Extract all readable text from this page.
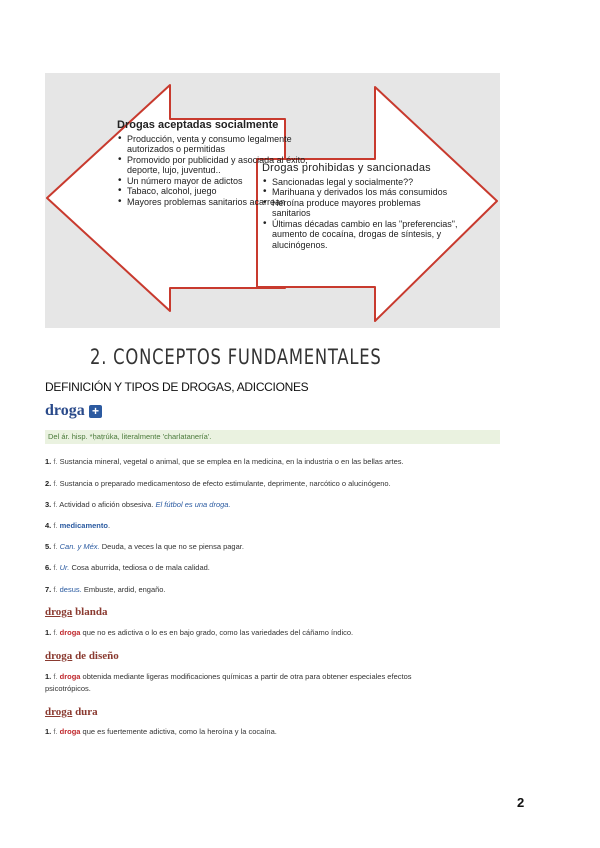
Drogas aceptadas socialmente
• Producción, venta y consumo legalmente autorizados o permitidas
• Promovido por publicidad y asociada al éxito, deporte, lujo, juventud..
• Un número mayor de adictos
• Tabaco, alcohol, juego
• Mayores problemas sanitarios acarrean
Drogas prohibidas y sancionadas
• Sancionadas legal y socialmente??
• Marihuana y derivados los más consumidos
• Heroína produce mayores problemas sanitarios
• Últimas décadas cambio en las "preferencias", aumento de cocaína, drogas de síntesis, y alucinógenos.
2. CONCEPTOS FUNDAMENTALES
DEFINICIÓN Y TIPOS DE DROGAS, ADICCIONES
droga +
Del ár. hisp. *ḥaṭrúka, literalmente 'charlatanería'.
1. f. Sustancia mineral, vegetal o animal, que se emplea en la medicina, en la industria o en las bellas artes.
2. f. Sustancia o preparado medicamentoso de efecto estimulante, deprimente, narcótico o alucinógeno.
3. f. Actividad o afición obsesiva. El fútbol es una droga.
4. f. medicamento.
5. f. Can. y Méx. Deuda, a veces la que no se piensa pagar.
6. f. Ur. Cosa aburrida, tediosa o de mala calidad.
7. f. desus. Embuste, ardid, engaño.
droga blanda
1. f. droga que no es adictiva o lo es en bajo grado, como las variedades del cáñamo índico.
droga de diseño
1. f. droga obtenida mediante ligeras modificaciones químicas a partir de otra para obtener especiales efectos
psicotrópicos.
droga dura
1. f. droga que es fuertemente adictiva, como la heroína y la cocaína.
2
